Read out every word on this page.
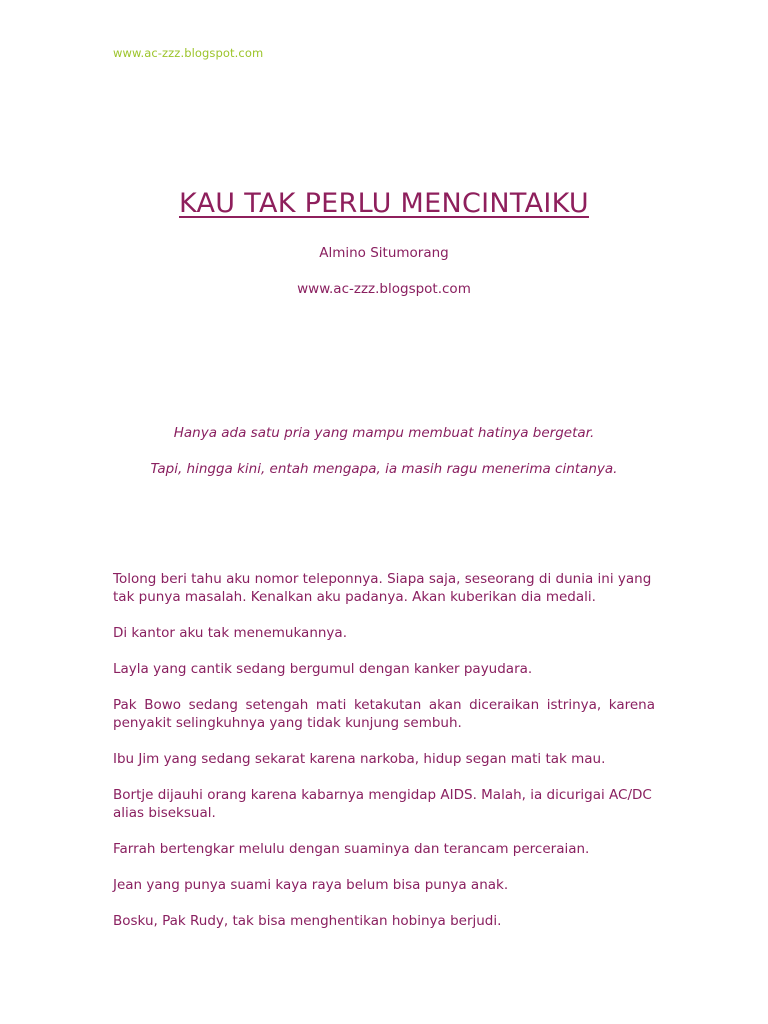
www.ac-zzz.blogspot.com
KAU TAK PERLU MENCINTAIKU
Almino Situmorang
www.ac-zzz.blogspot.com
Hanya ada satu pria yang mampu membuat hatinya bergetar.
Tapi, hingga kini, entah mengapa, ia masih ragu menerima cintanya.

Tolong beri tahu aku nomor teleponnya. Siapa saja, seseorang di dunia ini yang tak punya masalah. Kenalkan aku padanya. Akan kuberikan dia medali.

Di kantor aku tak menemukannya.

Layla yang cantik sedang bergumul dengan kanker payudara.

Pak Bowo sedang setengah mati ketakutan akan diceraikan istrinya, karena penyakit selingkuhnya yang tidak kunjung sembuh.

Ibu Jim yang sedang sekarat karena narkoba, hidup segan mati tak mau.

Bortje dijauhi orang karena kabarnya mengidap AIDS. Malah, ia dicurigai AC/DC alias biseksual.

Farrah bertengkar melulu dengan suaminya dan terancam perceraian.

Jean yang punya suami kaya raya belum bisa punya anak.

Bosku, Pak Rudy, tak bisa menghentikan hobinya berjudi.
